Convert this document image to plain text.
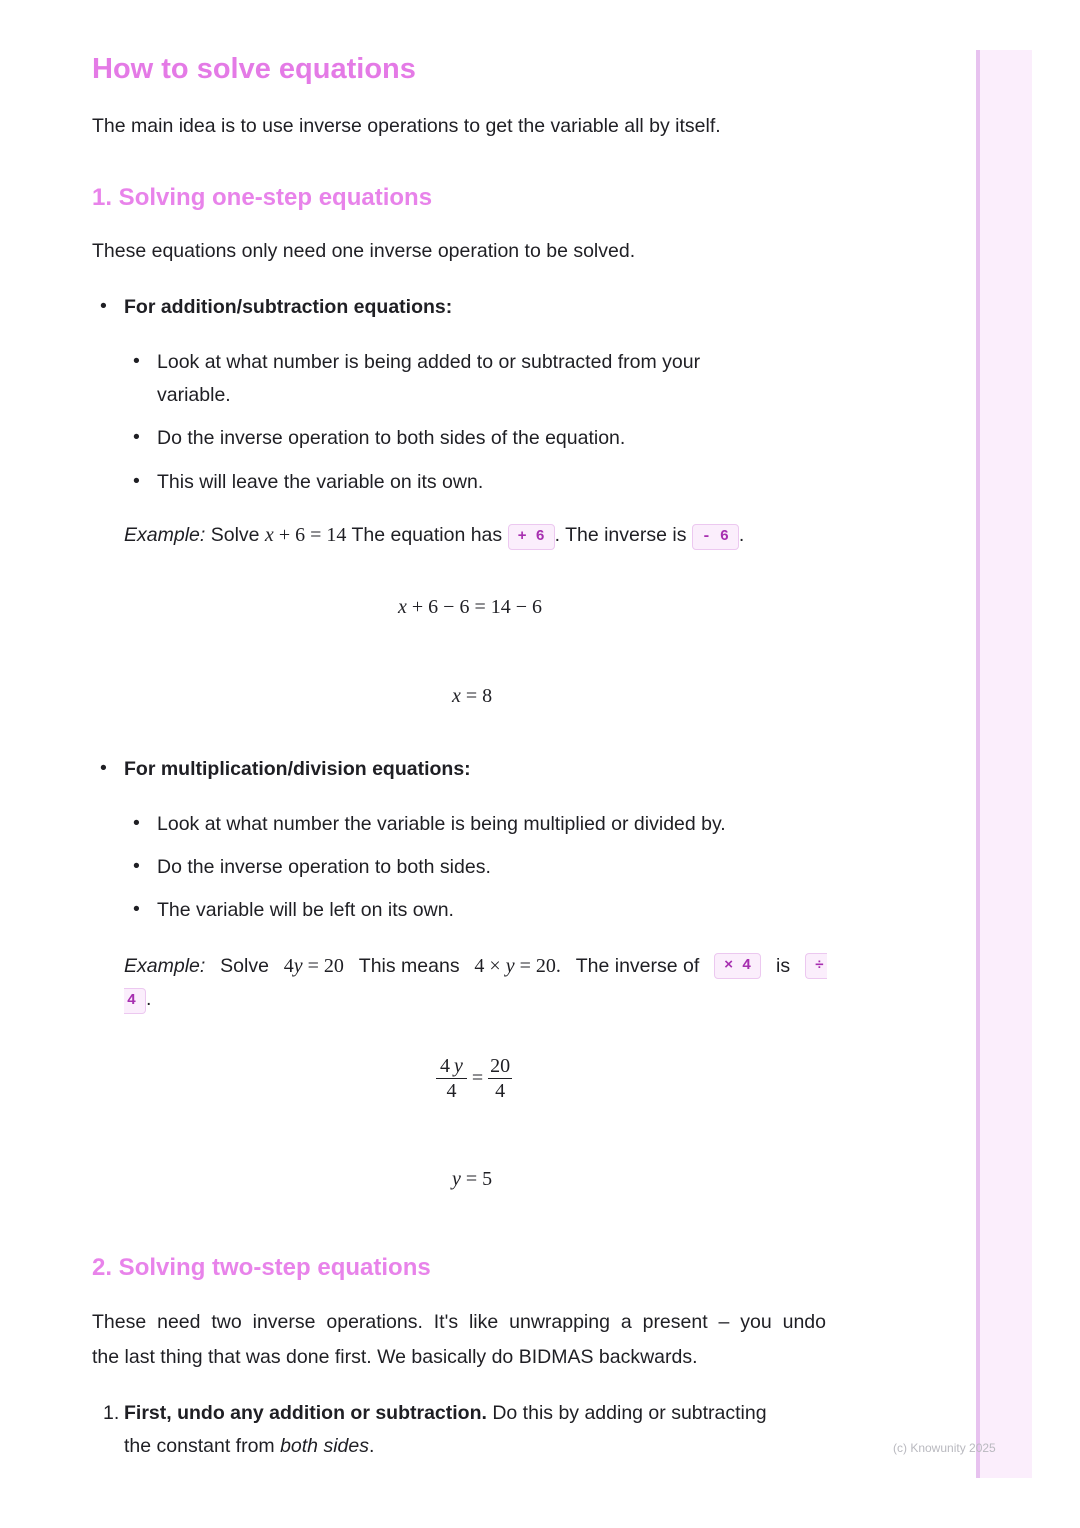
How to solve equations
The main idea is to use inverse operations to get the variable all by itself.
1. Solving one-step equations
These equations only need one inverse operation to be solved.
• For addition/subtraction equations:
• Look at what number is being added to or subtracted from your
variable.
• Do the inverse operation to both sides of the equation.
• This will leave the variable on its own.
Example: Solve x + 6 = 14 The equation has + 6 . The inverse is - 6 .
x + 6 − 6 = 14 − 6
x = 8
• For multiplication/division equations:
• Look at what number the variable is being multiplied or divided by.
• Do the inverse operation to both sides.
• The variable will be left on its own.
Example: Solve 4y = 20 This means 4 × y = 20. The inverse of	× 4	is	÷
4 .
$\frac{4 y}{4} = \frac{20}{4}$
y = 5
2. Solving two-step equations
These need two inverse operations. It's like unwrapping a present – you undo
the last thing that was done first. We basically do BIDMAS backwards.
1. First, undo any addition or subtraction. Do this by adding or subtracting
the constant from both sides.	(c) Knowunity 2025
